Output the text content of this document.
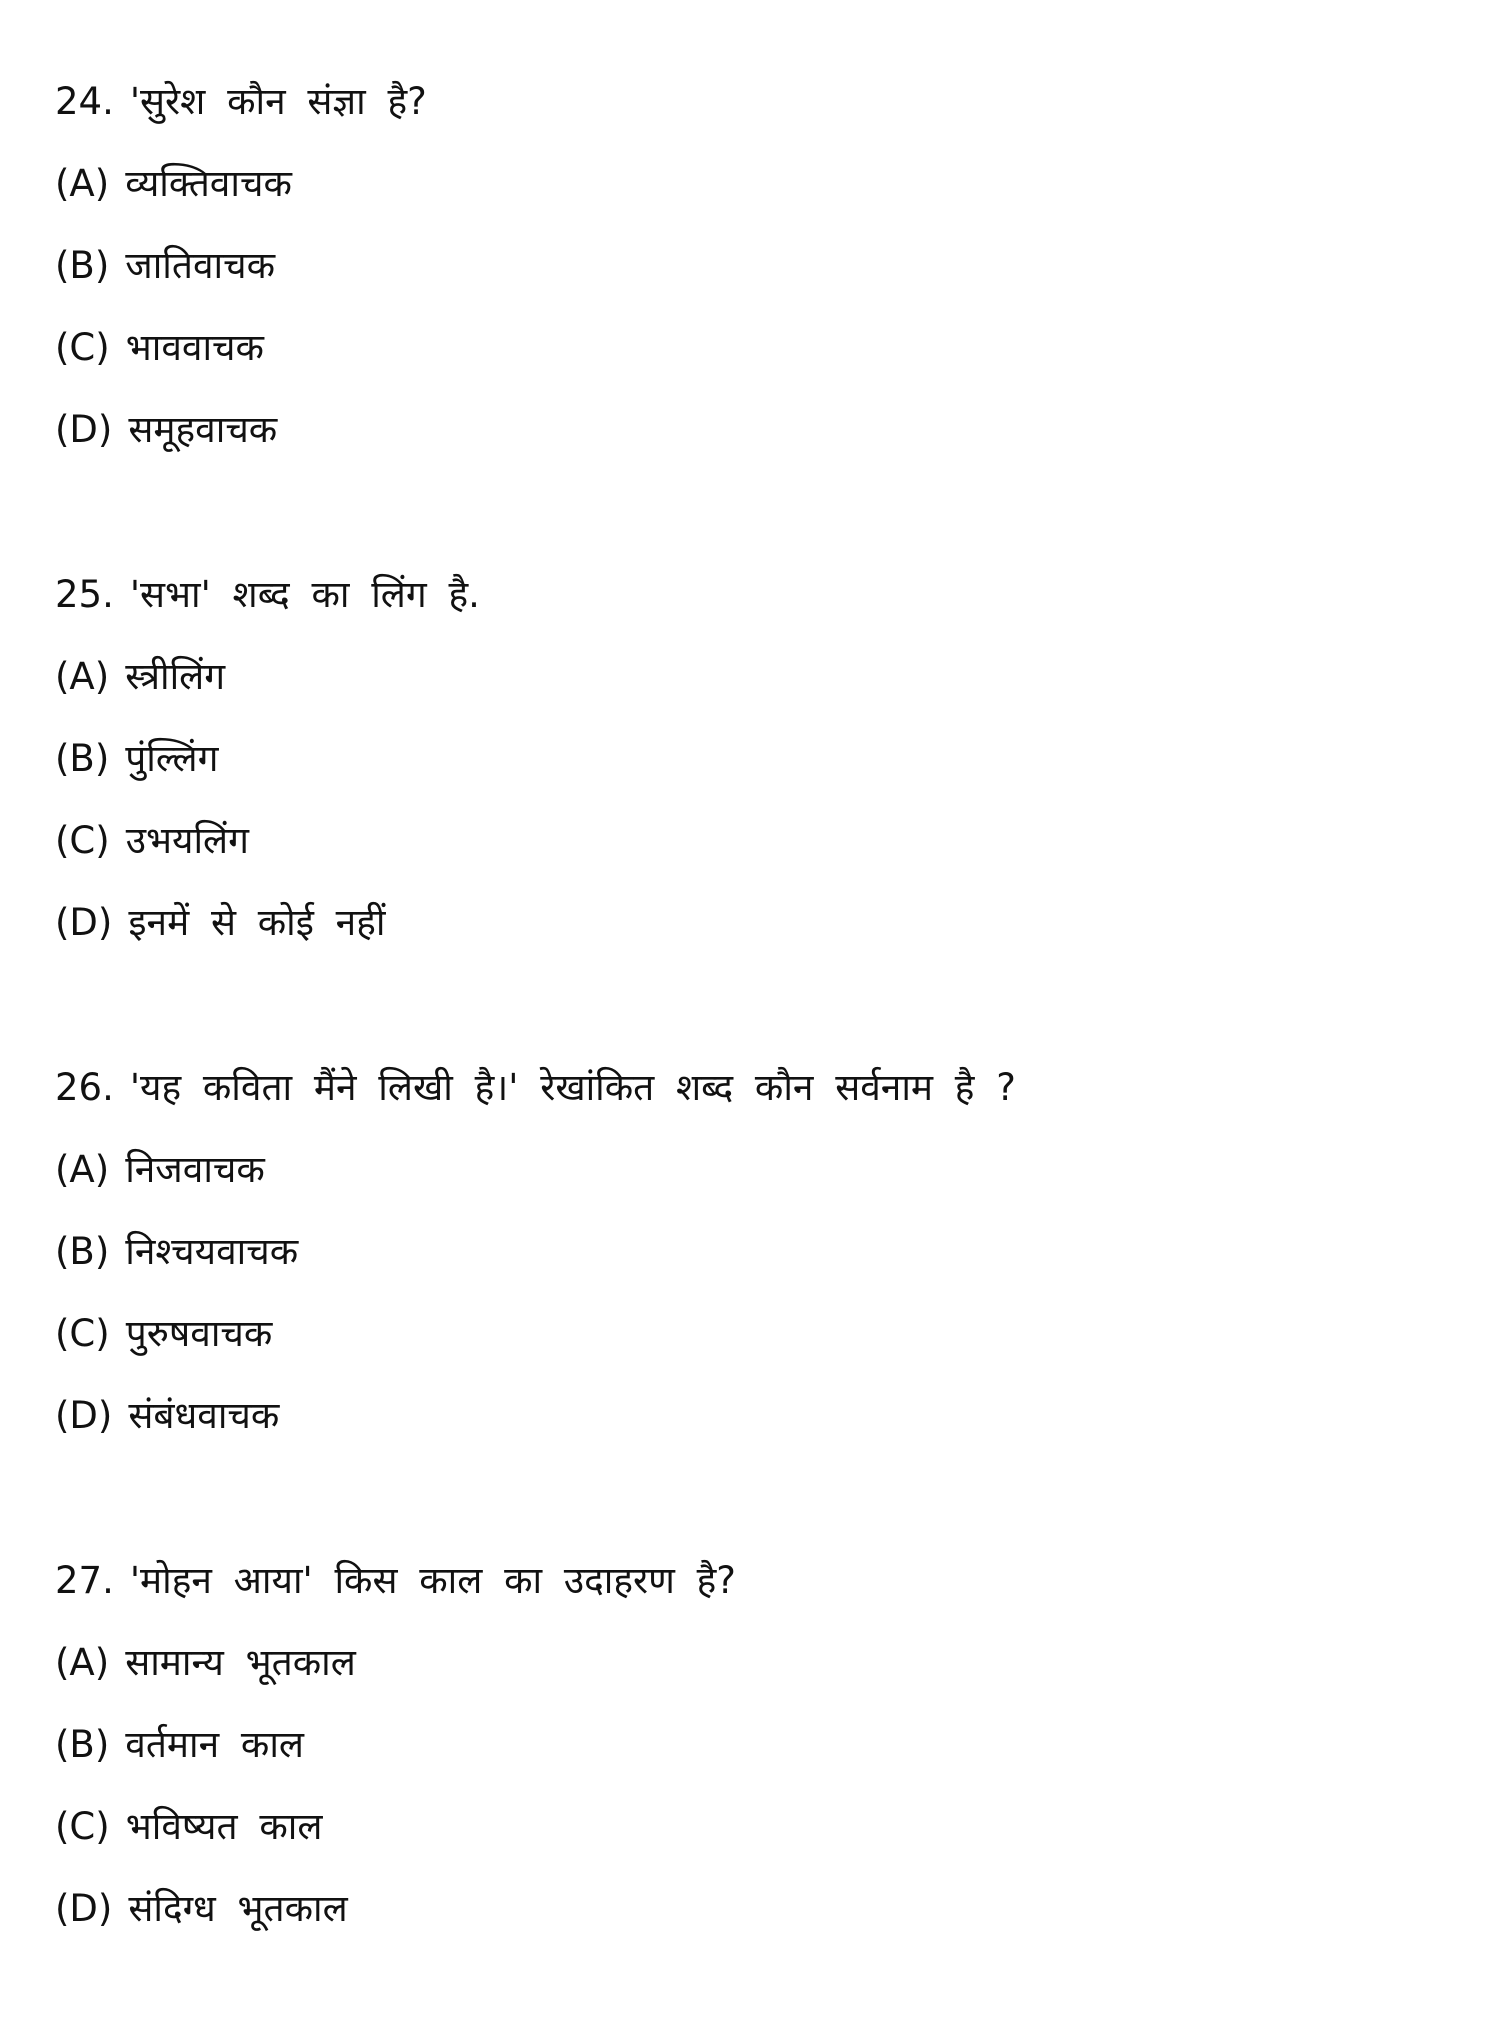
24. 'सुरेश कौन संज्ञा है?
(A) व्यक्तिवाचक
(B) जातिवाचक
(C) भाववाचक
(D) समूहवाचक
25. 'सभा' शब्द का लिंग है.
(A) स्त्रीलिंग
(B) पुंल्लिंग
(C) उभयलिंग
(D) इनमें से कोई नहीं
26. 'यह कविता मैंने लिखी है।' रेखांकित शब्द कौन सर्वनाम है ?
(A) निजवाचक
(B) निश्चयवाचक
(C) पुरुषवाचक
(D) संबंधवाचक
27. 'मोहन आया' किस काल का उदाहरण है?
(A) सामान्य भूतकाल
(B) वर्तमान काल
(C) भविष्यत काल
(D) संदिग्ध भूतकाल
